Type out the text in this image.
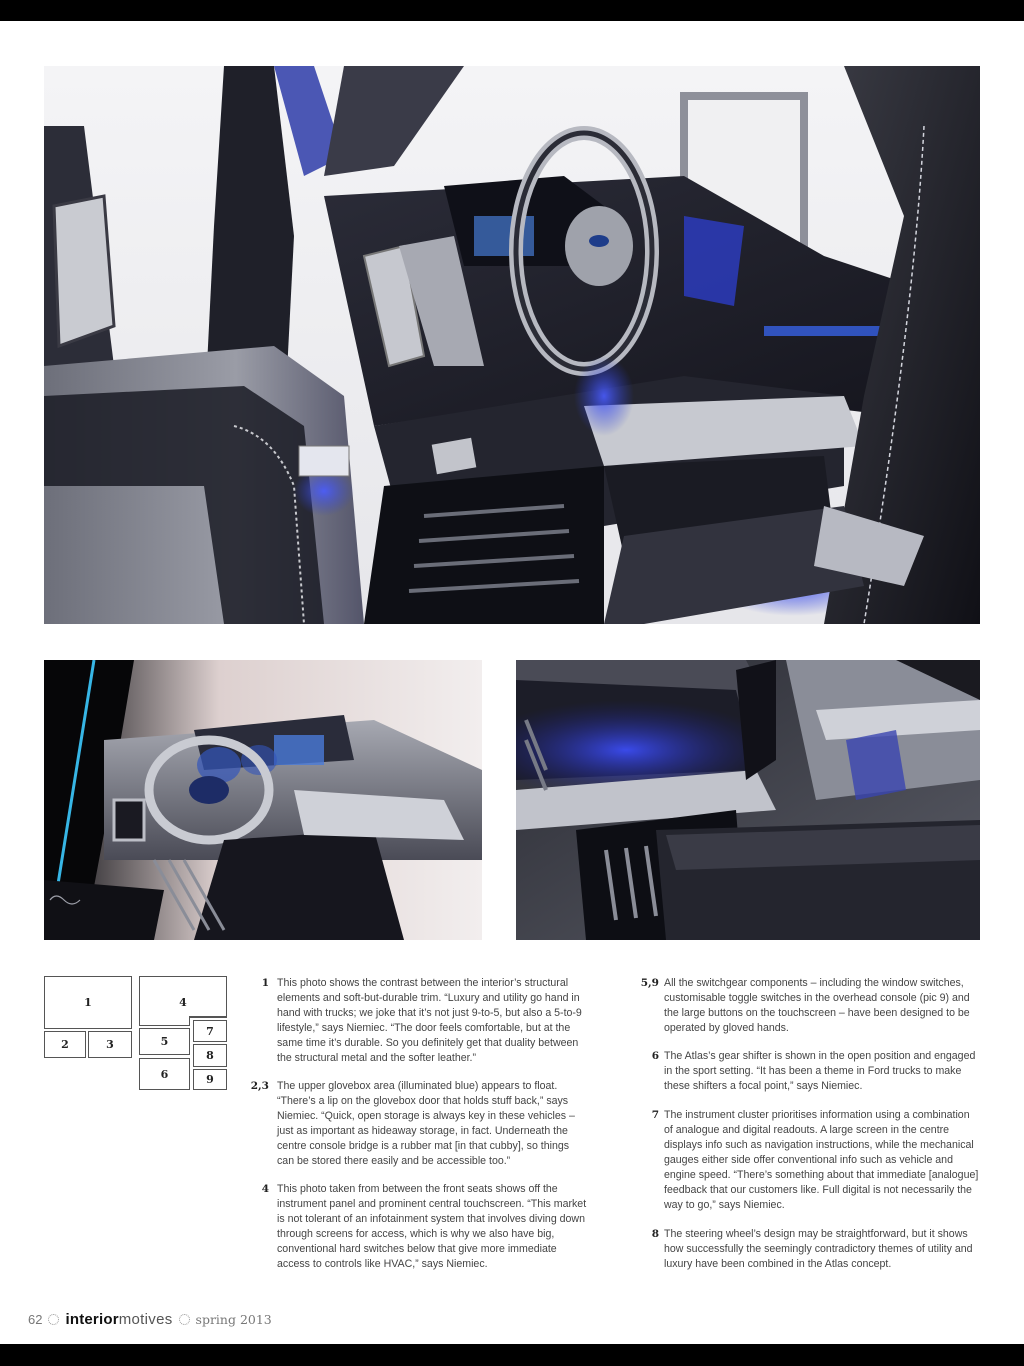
1
2	3
4
5
6
7
8
9
1 This photo shows the contrast between the interior’s structural elements and soft-but-durable trim. “Luxury and utility go hand in hand with trucks; we joke that it’s not just 9-to-5, but also a 5-to-9 lifestyle,” says Niemiec. “The door feels comfortable, but at the same time it’s durable. So you definitely get that duality between the structural metal and the softer leather.”
2,3 The upper glovebox area (illuminated blue) appears to float. “There’s a lip on the glovebox door that holds stuff back,” says Niemiec. “Quick, open storage is always key in these vehicles – just as important as hideaway storage, in fact. Underneath the centre console bridge is a rubber mat [in that cubby], so things can be stored there easily and be accessible too.”
4 This photo taken from between the front seats shows off the instrument panel and prominent central touchscreen. “This market is not tolerant of an infotainment system that involves diving down through screens for access, which is why we also have big, conventional hard switches below that give more immediate access to controls like HVAC,” says Niemiec.
5,9 All the switchgear components – including the window switches, customisable toggle switches in the overhead console (pic 9) and the large buttons on the touchscreen – have been designed to be operated by gloved hands.
6 The Atlas’s gear shifter is shown in the open position and engaged in the sport setting. “It has been a theme in Ford trucks to make these shifters a focal point,” says Niemiec.
7 The instrument cluster prioritises information using a combination of analogue and digital readouts. A large screen in the centre displays info such as navigation instructions, while the mechanical gauges either side offer conventional info such as vehicle and engine speed. “There’s something about that immediate [analogue] feedback that our customers like. Full digital is not necessarily the way to go,” says Niemiec.
8 The steering wheel’s design may be straightforward, but it shows how successfully the seemingly contradictory themes of utility and luxury have been combined in the Atlas concept.
62 interior motives spring 2013
